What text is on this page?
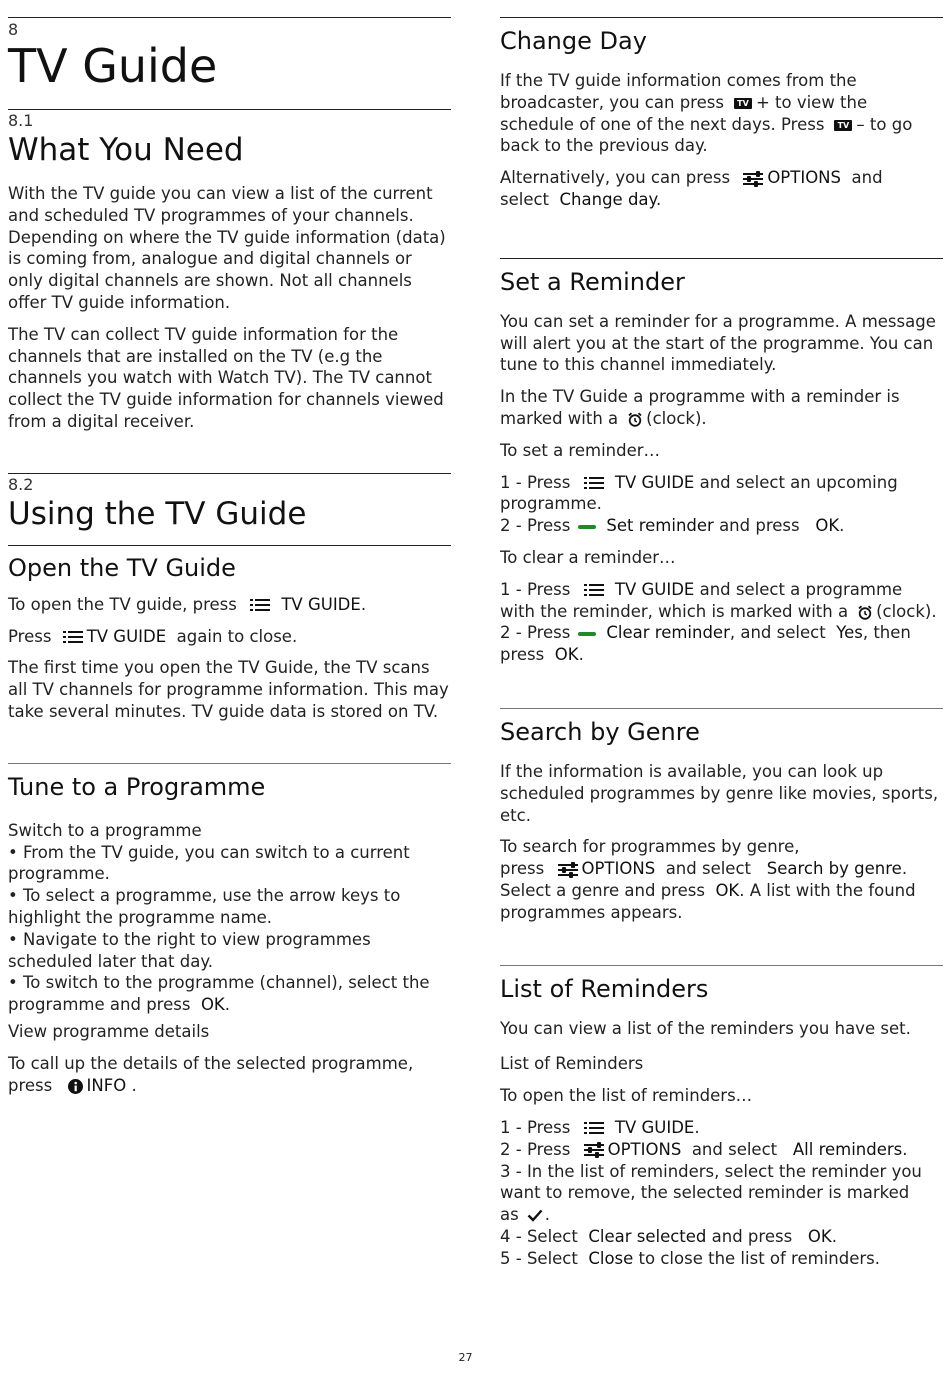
8
TV Guide
8.1
What You Need

With the TV guide you can view a list of the current and scheduled TV programmes of your channels. Depending on where the TV guide information (data) is coming from, analogue and digital channels or only digital channels are shown. Not all channels offer TV guide information.

The TV can collect TV guide information for the channels that are installed on the TV (e.g the channels you watch with Watch TV). The TV cannot collect the TV guide information for channels viewed from a digital receiver.

8.2
Using the TV Guide
Open the TV Guide
To open the TV guide, press	TV GUIDE.
Press TV GUIDE again to close.

The first time you open the TV Guide, the TV scans all TV channels for programme information. This may take several minutes. TV guide data is stored on TV.

Tune to a Programme
Switch to a programme
• From the TV guide, you can switch to a current programme.
• To select a programme, use the arrow keys to highlight the programme name.
• Navigate to the right to view programmes scheduled later that day.
• To switch to the programme (channel), select the programme and press OK.
View programme details
To call up the details of the selected programme,
press INFO .
Change Day
If the TV guide information comes from the
broadcaster, you can press TV + to view the
schedule of one of the next days. Press TV – to go
back to the previous day.
Alternatively, you can press OPTIONS and
select Change day.
Set a Reminder

You can set a reminder for a programme. A message will alert you at the start of the programme. You can tune to this channel immediately.

In the TV Guide a programme with a reminder is
marked with a (clock).
To set a reminder…
1 - Press	TV GUIDE and select an upcoming
programme.
2 - Press Set reminder and press OK.
To clear a reminder…
1 - Press	TV GUIDE and select a programme
with the reminder, which is marked with a (clock).
2 - Press Clear reminder, and select Yes, then
press OK.
Search by Genre

If the information is available, you can look up scheduled programmes by genre like movies, sports, etc.

To search for programmes by genre,
press OPTIONS and select Search by genre.
Select a genre and press OK. A list with the found
programmes appears.
List of Reminders

You can view a list of the reminders you have set.

List of Reminders
To open the list of reminders…
1 - Press	TV GUIDE.
2 - Press OPTIONS and select All reminders.
3 - In the list of reminders, select the reminder you
want to remove, the selected reminder is marked
as .
4 - Select Clear selected and press OK.
5 - Select Close to close the list of reminders.
27
